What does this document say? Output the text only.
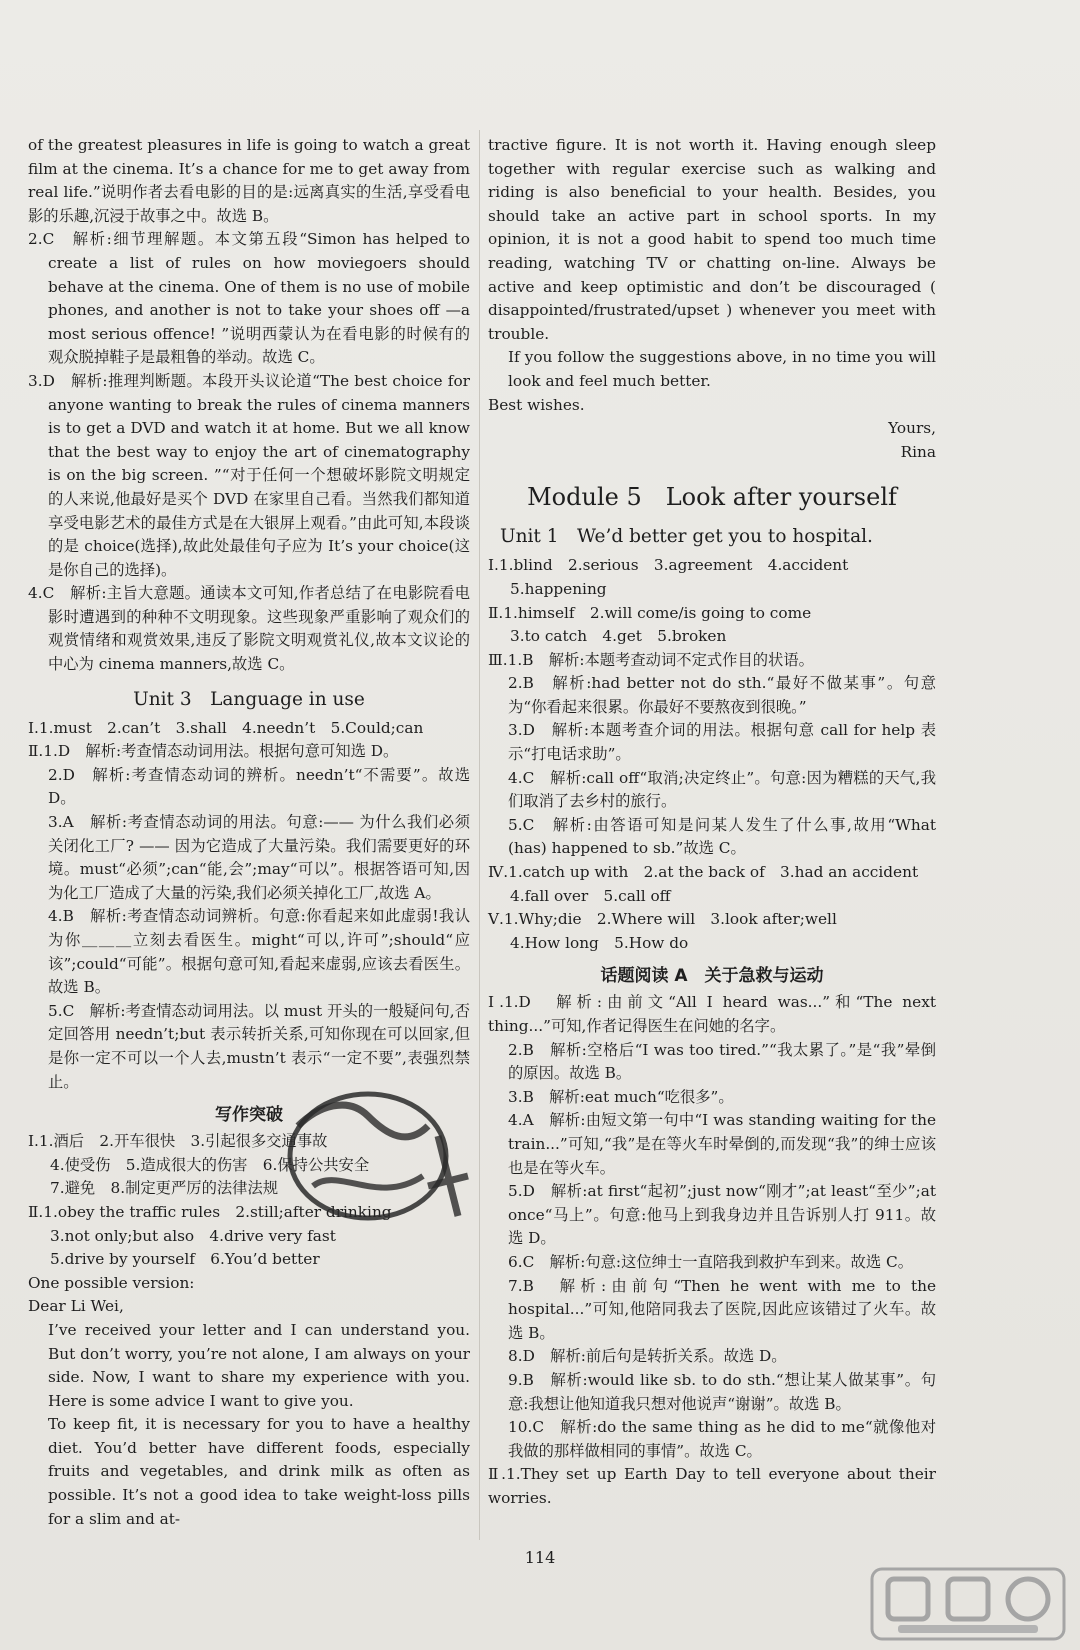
of the greatest pleasures in life is going to watch a great film at the cinema. It’s a chance for me to get away from real life.”说明作者去看电影的目的是:远离真实的生活,享受看电影的乐趣,沉浸于故事之中。故选 B。
2.C　解析:细节理解题。本文第五段“Simon has helped to create a list of rules on how moviegoers should behave at the cinema. One of them is no use of mobile phones, and another is not to take your shoes off —a most serious offence! ”说明西蒙认为在看电影的时候有的观众脱掉鞋子是最粗鲁的举动。故选 C。
3.D　解析:推理判断题。本段开头议论道“The best choice for anyone wanting to break the rules of cinema manners is to get a DVD and watch it at home. But we all know that the best way to enjoy the art of cinematography is on the big screen. ”“对于任何一个想破坏影院文明规定的人来说,他最好是买个 DVD 在家里自己看。当然我们都知道享受电影艺术的最佳方式是在大银屏上观看。”由此可知,本段谈的是 choice(选择),故此处最佳句子应为 It’s your choice(这是你自己的选择)。
4.C　解析:主旨大意题。通读本文可知,作者总结了在电影院看电影时遭遇到的种种不文明现象。这些现象严重影响了观众们的观赏情绪和观赏效果,违反了影院文明观赏礼仪,故本文议论的中心为 cinema manners,故选 C。
Unit 3　Language in use
Ⅰ.1.must　2.can’t　3.shall　4.needn’t　5.Could;can
Ⅱ.1.D　解析:考查情态动词用法。根据句意可知选 D。
2.D　解析:考查情态动词的辨析。needn’t“不需要”。故选 D。
3.A　解析:考查情态动词的用法。句意:—— 为什么我们必须关闭化工厂? —— 因为它造成了大量污染。我们需要更好的环境。must“必须”;can“能,会”;may“可以”。根据答语可知,因为化工厂造成了大量的污染,我们必须关掉化工厂,故选 A。
4.B　解析:考查情态动词辨析。句意:你看起来如此虚弱!我认为你＿＿＿立刻去看医生。might“可以,许可”;should“应该”;could“可能”。根据句意可知,看起来虚弱,应该去看医生。故选 B。
5.C　解析:考查情态动词用法。以 must 开头的一般疑问句,否定回答用 needn’t;but 表示转折关系,可知你现在可以回家,但是你一定不可以一个人去,mustn’t 表示“一定不要”,表强烈禁止。
写作突破
Ⅰ.1.酒后　2.开车很快　3.引起很多交通事故
4.使受伤　5.造成很大的伤害　6.保持公共安全
7.避免　8.制定更严厉的法律法规
Ⅱ.1.obey the traffic rules　2.still;after drinking
3.not only;but also　4.drive very fast
5.drive by yourself　6.You’d better
One possible version:
Dear Li Wei,
I’ve received your letter and I can understand you. But don’t worry, you’re not alone, I am always on your side. Now, I want to share my experience with you. Here is some advice I want to give you.
To keep fit, it is necessary for you to have a healthy diet. You’d better have different foods, especially fruits and vegetables, and drink milk as often as possible. It’s not a good idea to take weight-loss pills for a slim and at-
tractive figure. It is not worth it. Having enough sleep together with regular exercise such as walking and riding is also beneficial to your health. Besides, you should take an active part in school sports. In my opinion, it is not a good habit to spend too much time reading, watching TV or chatting on-line. Always be active and keep optimistic and don’t be discouraged ( disappointed/frustrated/upset ) whenever you meet with trouble.
If you follow the suggestions above, in no time you will look and feel much better.
Best wishes.
Yours,
Rina
Module 5　Look after yourself
Unit 1　We’d better get you to hospital.
Ⅰ.1.blind　2.serious　3.agreement　4.accident
5.happening
Ⅱ.1.himself　2.will come/is going to come
3.to catch　4.get　5.broken
Ⅲ.1.B　解析:本题考查动词不定式作目的状语。
2.B　解析:had better not do sth.“最好不做某事”。句意为“你看起来很累。你最好不要熬夜到很晚。”
3.D　解析:本题考查介词的用法。根据句意 call for help 表示“打电话求助”。
4.C　解析:call off“取消;决定终止”。句意:因为糟糕的天气,我们取消了去乡村的旅行。
5.C　解析:由答语可知是问某人发生了什么事,故用“What (has) happened to sb.”故选 C。
Ⅳ.1.catch up with　2.at the back of　3.had an accident
4.fall over　5.call off
Ⅴ.1.Why;die　2.Where will　3.look after;well
4.How long　5.How do
话题阅读 A　关于急救与运动
Ⅰ.1.D　解析:由前文“All I heard was...”和“The next thing...”可知,作者记得医生在问她的名字。
2.B　解析:空格后“I was too tired.”“我太累了。”是“我”晕倒的原因。故选 B。
3.B　解析:eat much“吃很多”。
4.A　解析:由短文第一句中“I was standing waiting for the train...”可知,“我”是在等火车时晕倒的,而发现“我”的绅士应该也是在等火车。
5.D　解析:at first“起初”;just now“刚才”;at least“至少”;at once“马上”。句意:他马上到我身边并且告诉别人打 911。故选 D。
6.C　解析:句意:这位绅士一直陪我到救护车到来。故选 C。
7.B　解析:由前句“Then he went with me to the hospital...”可知,他陪同我去了医院,因此应该错过了火车。故选 B。
8.D　解析:前后句是转折关系。故选 D。
9.B　解析:would like sb. to do sth.“想让某人做某事”。句意:我想让他知道我只想对他说声“谢谢”。故选 B。
10.C　解析:do the same thing as he did to me“就像他对我做的那样做相同的事情”。故选 C。
Ⅱ.1.They set up Earth Day to tell everyone about their worries.
114
